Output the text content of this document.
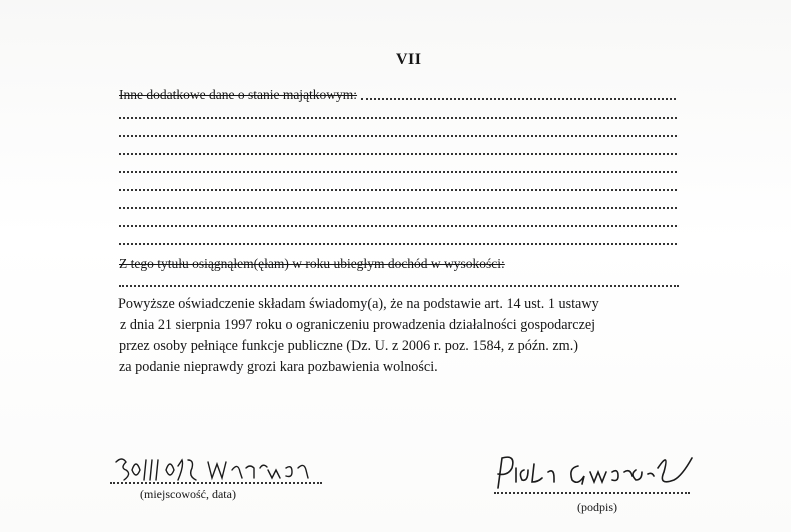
VII
Inne dodatkowe dane o stanie majątkowym:
Z tego tytułu osiągnąłem(ęłam) w roku ubiegłym dochód w wysokości:
Powyższe oświadczenie składam świadomy(a), że na podstawie art. 14 ust. 1 ustawy
z dnia 21 sierpnia 1997 roku o ograniczeniu prowadzenia działalności gospodarczej
przez osoby pełniące funkcje publiczne (Dz. U. z 2006 r. poz. 1584, z późn. zm.)
za podanie nieprawdy grozi kara pozbawienia wolności.
(miejscowość, data)
(podpis)
